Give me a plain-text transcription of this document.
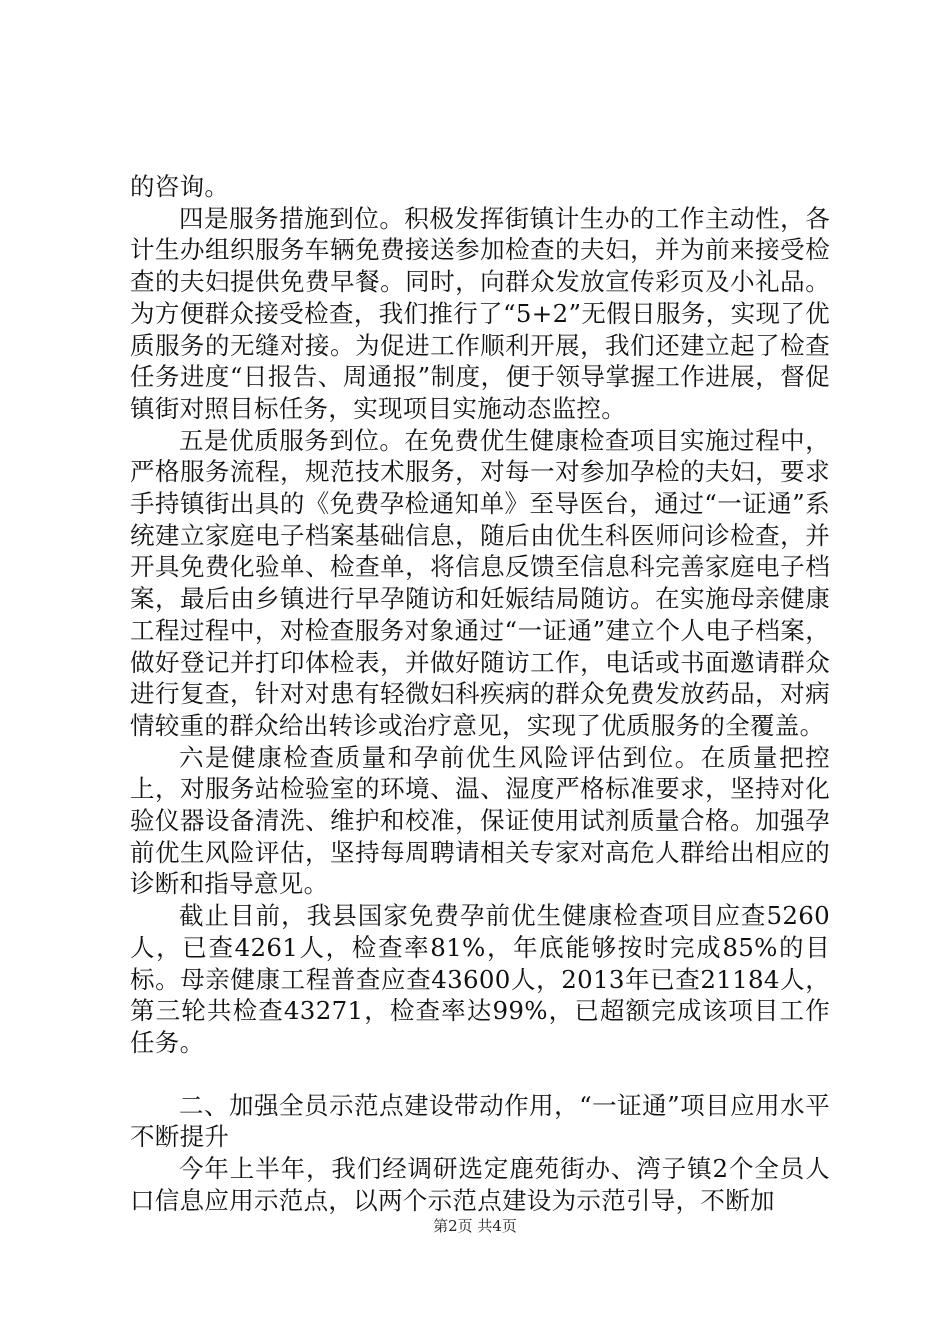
的咨询。

四是服务措施到位。积极发挥街镇计生办的工作主动性，各计生办组织服务车辆免费接送参加检查的夫妇，并为前来接受检查的夫妇提供免费早餐。同时，向群众发放宣传彩页及小礼品。为方便群众接受检查，我们推行了“5+2”无假日服务，实现了优质服务的无缝对接。为促进工作顺利开展，我们还建立起了检查任务进度“日报告、周通报”制度，便于领导掌握工作进展，督促镇街对照目标任务，实现项目实施动态监控。

五是优质服务到位。在免费优生健康检查项目实施过程中，严格服务流程，规范技术服务，对每一对参加孕检的夫妇，要求手持镇街出具的《免费孕检通知单》至导医台，通过“一证通”系统建立家庭电子档案基础信息，随后由优生科医师问诊检查，并开具免费化验单、检查单，将信息反馈至信息科完善家庭电子档案，最后由乡镇进行早孕随访和妊娠结局随访。在实施母亲健康工程过程中，对检查服务对象通过“一证通”建立个人电子档案，做好登记并打印体检表，并做好随访工作，电话或书面邀请群众进行复查，针对对患有轻微妇科疾病的群众免费发放药品，对病情较重的群众给出转诊或治疗意见，实现了优质服务的全覆盖。

六是健康检查质量和孕前优生风险评估到位。在质量把控上，对服务站检验室的环境、温、湿度严格标准要求，坚持对化验仪器设备清洗、维护和校准，保证使用试剂质量合格。加强孕前优生风险评估，坚持每周聘请相关专家对高危人群给出相应的诊断和指导意见。

截止目前，我县国家免费孕前优生健康检查项目应查5260人，已查4261人，检查率81%，年底能够按时完成85%的目标。母亲健康工程普查应查43600人，2013年已查21184人，第三轮共检查43271，检查率达99%，已超额完成该项目工作任务。

二、加强全员示范点建设带动作用，“一证通”项目应用水平不断提升

今年上半年，我们经调研选定鹿苑街办、湾子镇2个全员人口信息应用示范点，以两个示范点建设为示范引导，不断加

第2页 共4页
